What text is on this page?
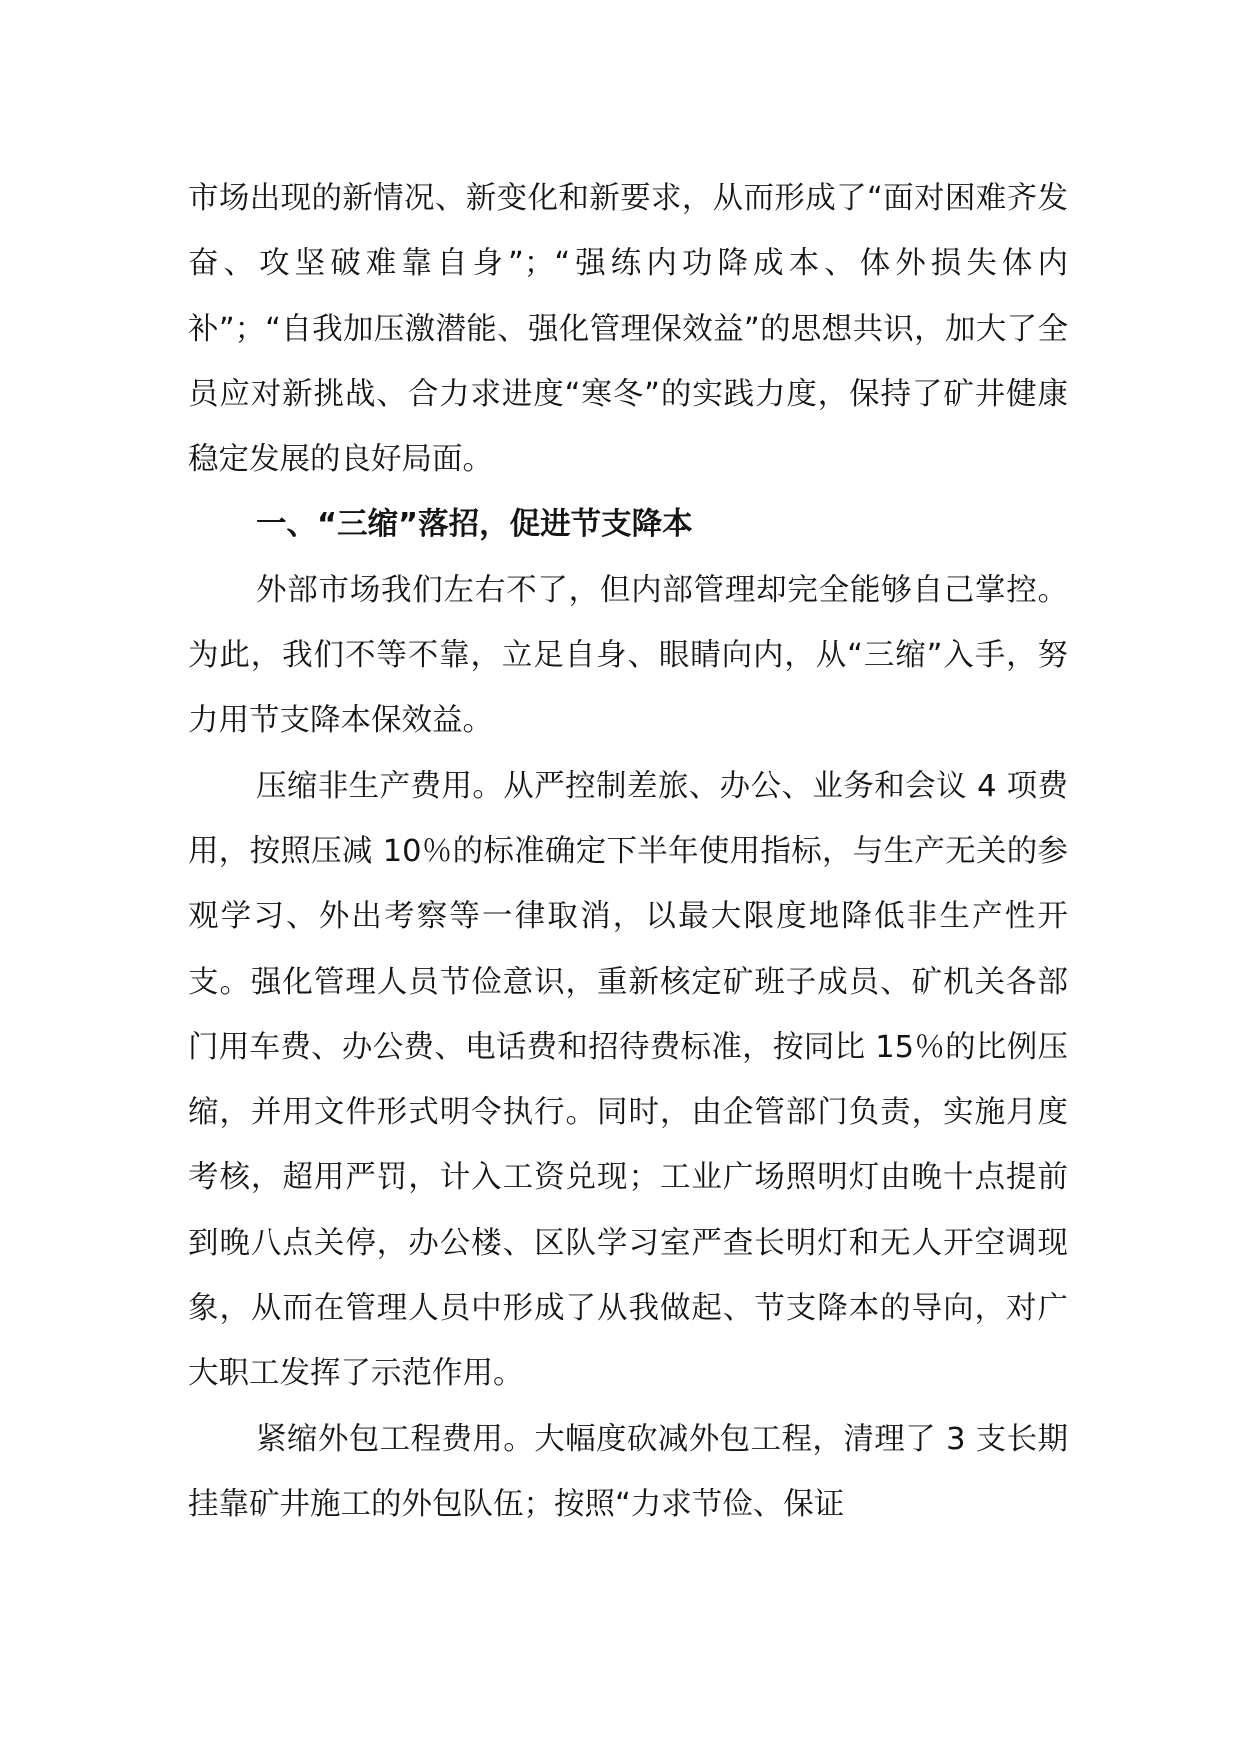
市场出现的新情况、新变化和新要求，从而形成了“面对困难齐发奋、攻坚破难靠自身”；“强练内功降成本、体外损失体内补”；“自我加压激潜能、强化管理保效益”的思想共识，加大了全员应对新挑战、合力求进度“寒冬”的实践力度，保持了矿井健康稳定发展的良好局面。

一、“三缩”落招，促进节支降本

外部市场我们左右不了，但内部管理却完全能够自己掌控。为此，我们不等不靠，立足自身、眼睛向内，从“三缩”入手，努力用节支降本保效益。

压缩非生产费用。从严控制差旅、办公、业务和会议 4 项费用，按照压减 10％的标准确定下半年使用指标，与生产无关的参观学习、外出考察等一律取消，以最大限度地降低非生产性开支。强化管理人员节俭意识，重新核定矿班子成员、矿机关各部门用车费、办公费、电话费和招待费标准，按同比 15％的比例压缩，并用文件形式明令执行。同时，由企管部门负责，实施月度考核，超用严罚，计入工资兑现；工业广场照明灯由晚十点提前到晚八点关停，办公楼、区队学习室严查长明灯和无人开空调现象，从而在管理人员中形成了从我做起、节支降本的导向，对广大职工发挥了示范作用。

紧缩外包工程费用。大幅度砍减外包工程，清理了 3 支长期挂靠矿井施工的外包队伍；按照“力求节俭、保证
